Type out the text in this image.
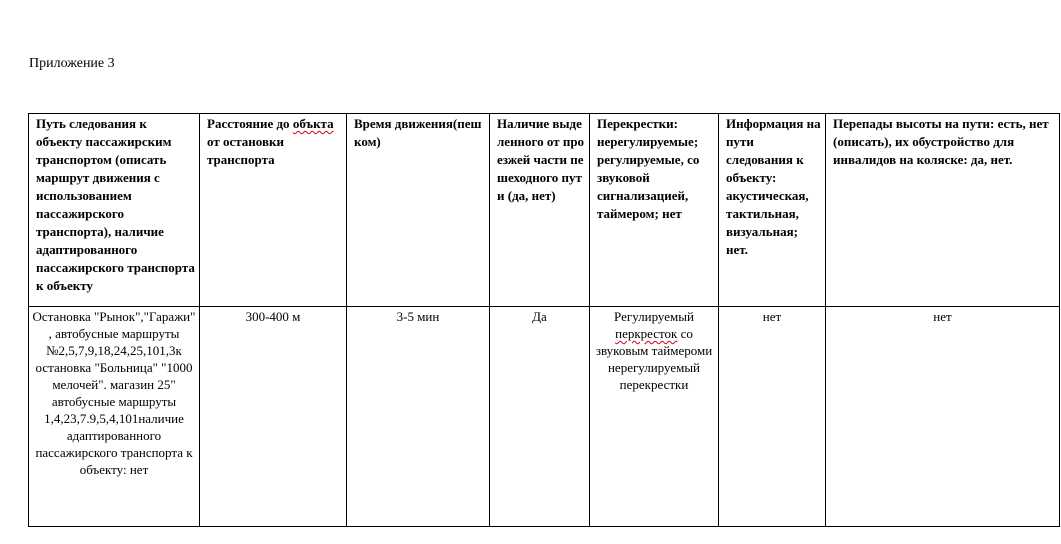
Приложение 3
Путь следования к объекту пассажирским транспортом (описать маршрут движения с использованием пассажирского транспорта), наличие адаптированного пассажирского транспорта к объекту	Расстояние до объкта от остановки транспорта	Время движения(пешком)	Наличие выделенного от проезжей части пешеходного пути (да, нет)	Перекрестки: нерегулируемые; регулируемые, со звуковой сигнализацией, таймером; нет	Информация на пути следования к объекту: акустическая, тактильная, визуальная; нет.	Перепады высоты на пути: есть, нет (описать), их обустройство для инвалидов на коляске: да, нет.
Остановка "Рынок","Гаражи" , автобусные маршруты №2,5,7,9,18,24,25,101,3к остановка "Больница" "1000 мелочей". магазин 25" автобусные маршруты 1,4,23,7.9,5,4,101наличие адаптированного пассажирского транспорта к объекту: нет	300-400 м	3-5 мин	Да	Регулируемый перкресток со звуковым таймероми нерегулируемый перекрестки	нет	нет
